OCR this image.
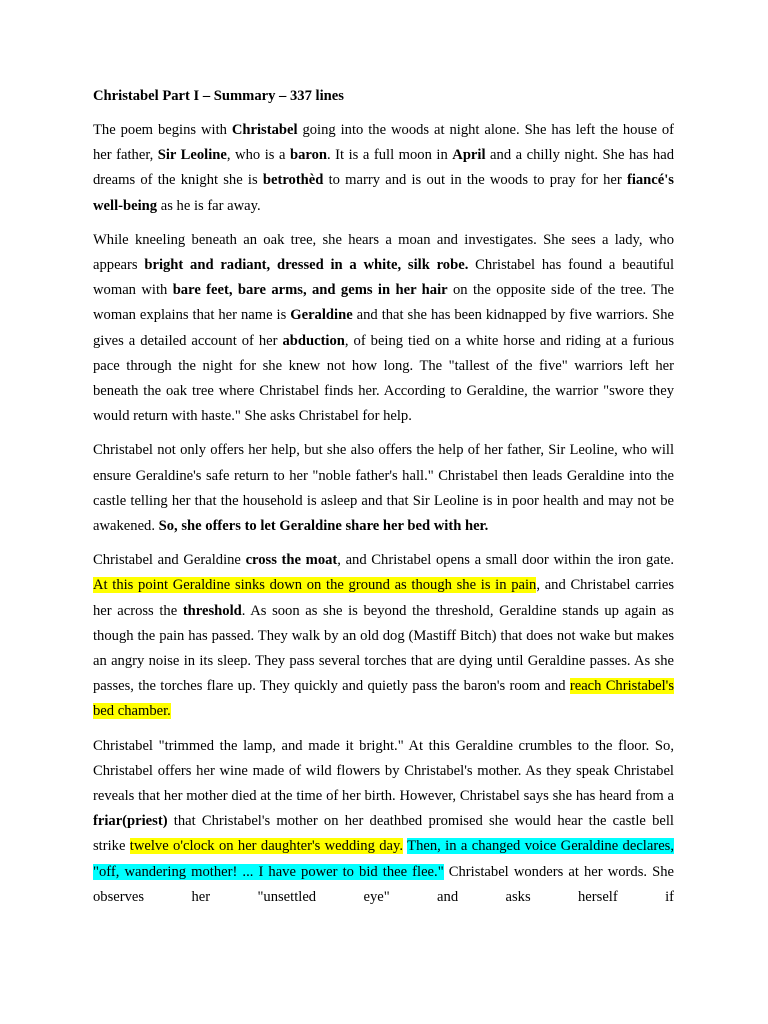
Christabel Part I – Summary – 337 lines
The poem begins with Christabel going into the woods at night alone. She has left the house of her father, Sir Leoline, who is a baron. It is a full moon in April and a chilly night. She has had dreams of the knight she is betrothèd to marry and is out in the woods to pray for her fiancé's well-being as he is far away.
While kneeling beneath an oak tree, she hears a moan and investigates. She sees a lady, who appears bright and radiant, dressed in a white, silk robe. Christabel has found a beautiful woman with bare feet, bare arms, and gems in her hair on the opposite side of the tree. The woman explains that her name is Geraldine and that she has been kidnapped by five warriors. She gives a detailed account of her abduction, of being tied on a white horse and riding at a furious pace through the night for she knew not how long. The "tallest of the five" warriors left her beneath the oak tree where Christabel finds her. According to Geraldine, the warrior "swore they would return with haste." She asks Christabel for help.
Christabel not only offers her help, but she also offers the help of her father, Sir Leoline, who will ensure Geraldine's safe return to her "noble father's hall." Christabel then leads Geraldine into the castle telling her that the household is asleep and that Sir Leoline is in poor health and may not be awakened. So, she offers to let Geraldine share her bed with her.
Christabel and Geraldine cross the moat, and Christabel opens a small door within the iron gate. At this point Geraldine sinks down on the ground as though she is in pain, and Christabel carries her across the threshold. As soon as she is beyond the threshold, Geraldine stands up again as though the pain has passed. They walk by an old dog (Mastiff Bitch) that does not wake but makes an angry noise in its sleep. They pass several torches that are dying until Geraldine passes. As she passes, the torches flare up. They quickly and quietly pass the baron's room and reach Christabel's bed chamber.
Christabel "trimmed the lamp, and made it bright." At this Geraldine crumbles to the floor. So, Christabel offers her wine made of wild flowers by Christabel's mother. As they speak Christabel reveals that her mother died at the time of her birth. However, Christabel says she has heard from a friar(priest) that Christabel's mother on her deathbed promised she would hear the castle bell strike twelve o'clock on her daughter's wedding day. Then, in a changed voice Geraldine declares, "off, wandering mother! ... I have power to bid thee flee." Christabel wonders at her words. She observes her "unsettled eye" and asks herself if
